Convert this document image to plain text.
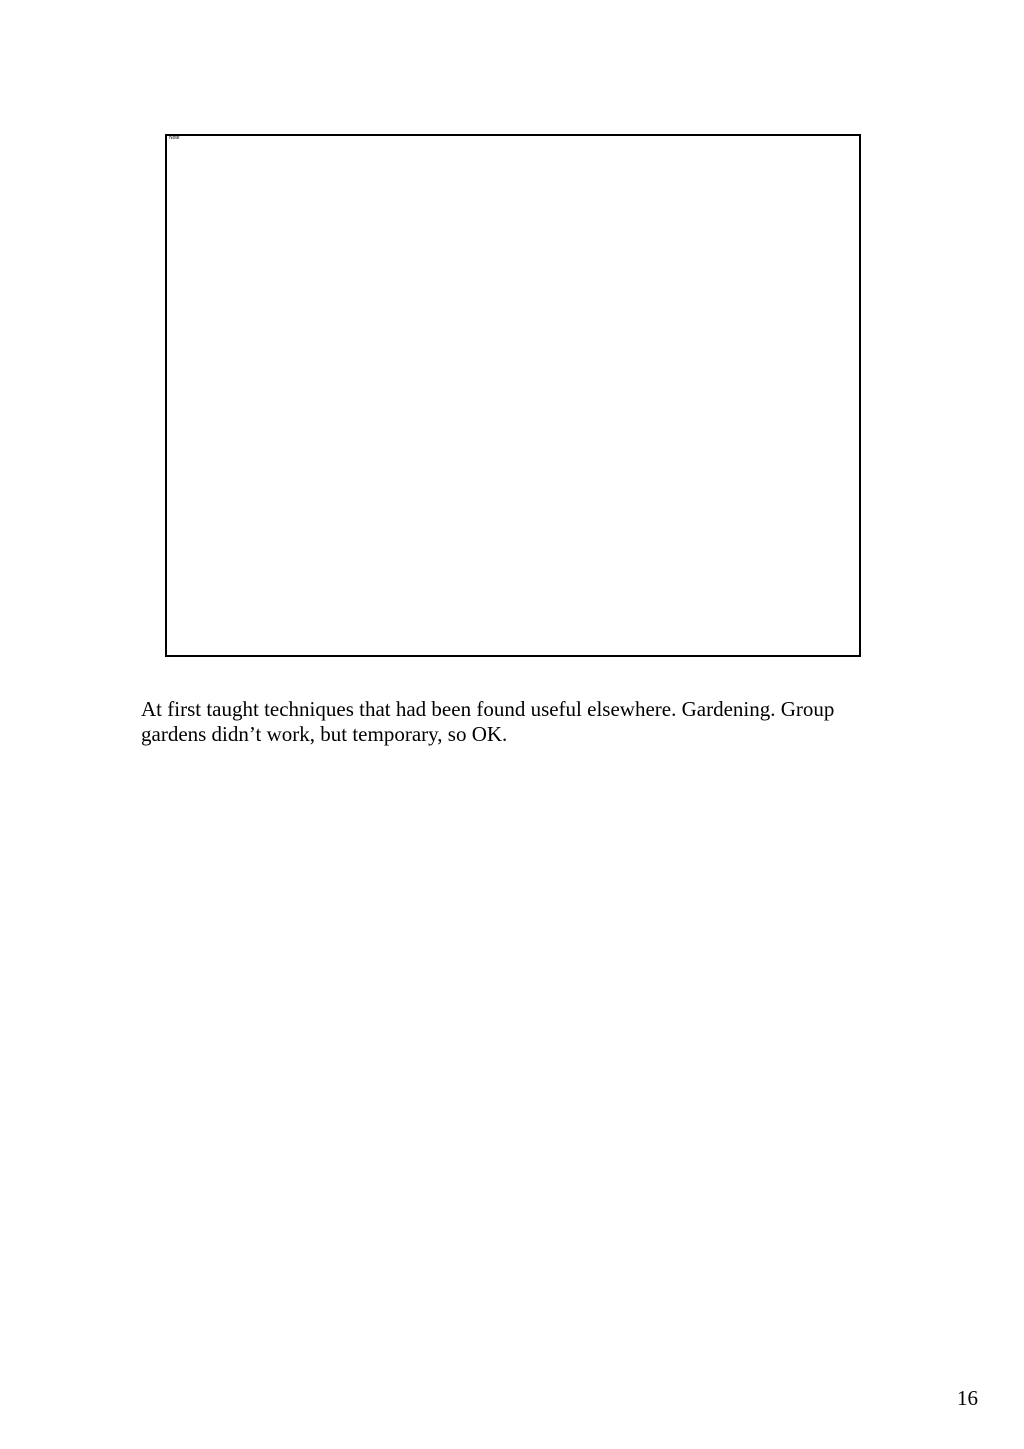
Note

At first taught techniques that had been found useful elsewhere. Gardening. Group

gardens didn’t work, but temporary, so OK.

16
